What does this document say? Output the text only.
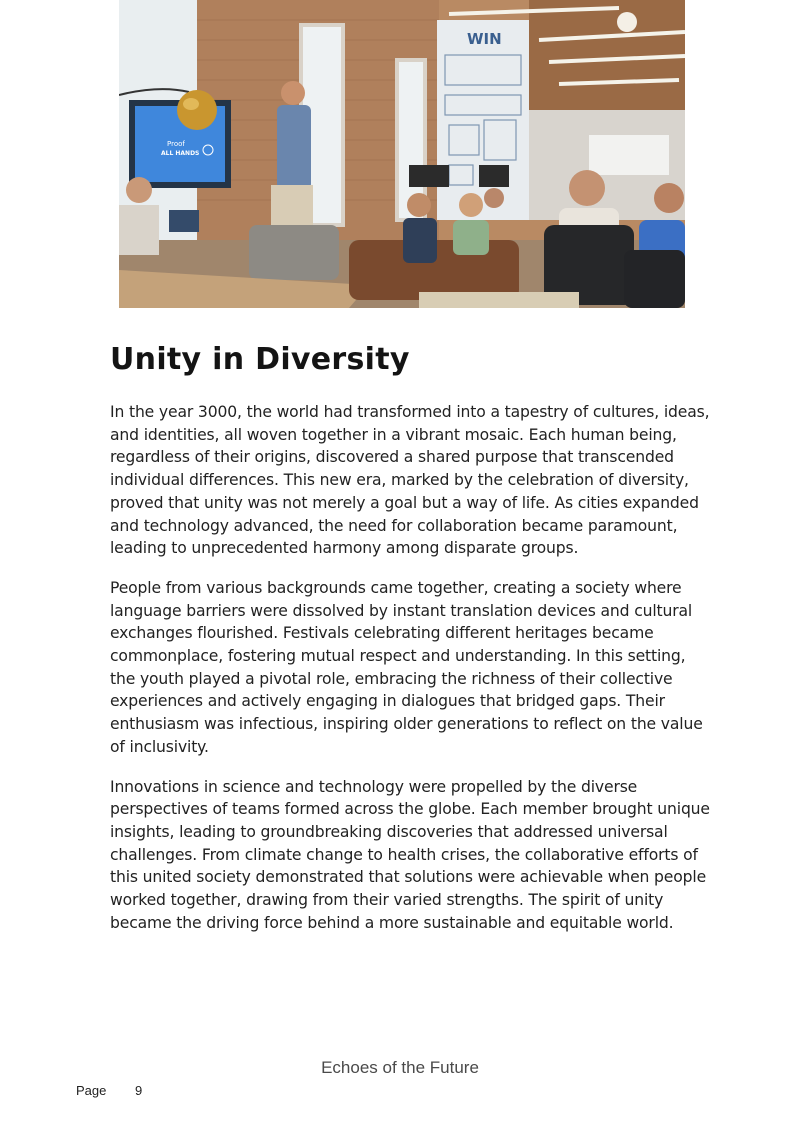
WIN
Proof
ALL HANDS
Unity in Diversity

In the year 3000, the world had transformed into a tapestry of cultures, ideas, and identities, all woven together in a vibrant mosaic. Each human being, regardless of their origins, discovered a shared purpose that transcended individual differences. This new era, marked by the celebration of diversity, proved that unity was not merely a goal but a way of life. As cities expanded and technology advanced, the need for collaboration became paramount, leading to unprecedented harmony among disparate groups.

People from various backgrounds came together, creating a society where language barriers were dissolved by instant translation devices and cultural exchanges flourished. Festivals celebrating different heritages became commonplace, fostering mutual respect and understanding. In this setting, the youth played a pivotal role, embracing the richness of their collective experiences and actively engaging in dialogues that bridged gaps. Their enthusiasm was infectious, inspiring older generations to reflect on the value of inclusivity.

Innovations in science and technology were propelled by the diverse perspectives of teams formed across the globe. Each member brought unique insights, leading to groundbreaking discoveries that addressed universal challenges. From climate change to health crises, the collaborative efforts of this united society demonstrated that solutions were achievable when people worked together, drawing from their varied strengths. The spirit of unity became the driving force behind a more sustainable and equitable world.

Echoes of the Future
Page 9
